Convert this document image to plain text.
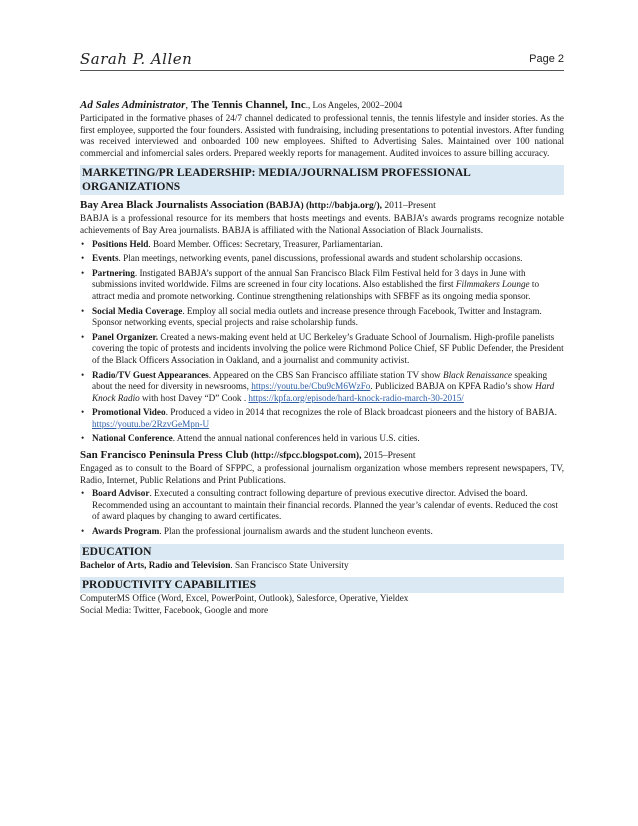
Sarah P. Allen	Page 2
Ad Sales Administrator, The Tennis Channel, Inc., Los Angeles, 2002–2004

Participated in the formative phases of 24/7 channel dedicated to professional tennis, the tennis lifestyle and insider stories. As the first employee, supported the four founders. Assisted with fundraising, including presentations to potential investors. After funding was received interviewed and onboarded 100 new employees. Shifted to Advertising Sales. Maintained over 100 national commercial and infomercial sales orders. Prepared weekly reports for management. Audited invoices to assure billing accuracy.

MARKETING/PR LEADERSHIP: MEDIA/JOURNALISM PROFESSIONAL ORGANIZATIONS
Bay Area Black Journalists Association (BABJA) (http://babja.org/), 2011–Present

BABJA is a professional resource for its members that hosts meetings and events. BABJA’s awards programs recognize notable achievements of Bay Area journalists. BABJA is affiliated with the National Association of Black Journalists.

• Positions Held. Board Member. Offices: Secretary, Treasurer, Parliamentarian.
• Events. Plan meetings, networking events, panel discussions, professional awards and student scholarship occasions.
• Partnering. Instigated BABJA’s support of the annual San Francisco Black Film Festival held for 3 days in June with submissions invited worldwide. Films are screened in four city locations. Also established the first Filmmakers Lounge to attract media and promote networking. Continue strengthening relationships with SFBFF as its ongoing media sponsor.
• Social Media Coverage. Employ all social media outlets and increase presence through Facebook, Twitter and Instagram. Sponsor networking events, special projects and raise scholarship funds.
• Panel Organizer. Created a news-making event held at UC Berkeley’s Graduate School of Journalism. High-profile panelists covering the topic of protests and incidents involving the police were Richmond Police Chief, SF Public Defender, the President of the Black Officers Association in Oakland, and a journalist and community activist.
• Radio/TV Guest Appearances. Appeared on the CBS San Francisco affiliate station TV show Black Renaissance speaking about the need for diversity in newsrooms, https://youtu.be/Cbu9cM6WzFo. Publicized BABJA on KPFA Radio’s show Hard Knock Radio with host Davey “D” Cook . https://kpfa.org/episode/hard-knock-radio-march-30-2015/
• Promotional Video. Produced a video in 2014 that recognizes the role of Black broadcast pioneers and the history of BABJA. https://youtu.be/2RzvGeMpn-U
• National Conference. Attend the annual national conferences held in various U.S. cities.
San Francisco Peninsula Press Club (http://sfpcc.blogspot.com), 2015–Present

Engaged as to consult to the Board of SFPPC, a professional journalism organization whose members represent newspapers, TV, Radio, Internet, Public Relations and Print Publications.

• Board Advisor. Executed a consulting contract following departure of previous executive director. Advised the board. Recommended using an accountant to maintain their financial records. Planned the year’s calendar of events. Reduced the cost of award plaques by changing to award certificates.
• Awards Program. Plan the professional journalism awards and the student luncheon events.
EDUCATION

Bachelor of Arts, Radio and Television. San Francisco State University

PRODUCTIVITY CAPABILITIES

ComputerMS Office (Word, Excel, PowerPoint, Outlook), Salesforce, Operative, Yieldex

Social Media: Twitter, Facebook, Google and more
